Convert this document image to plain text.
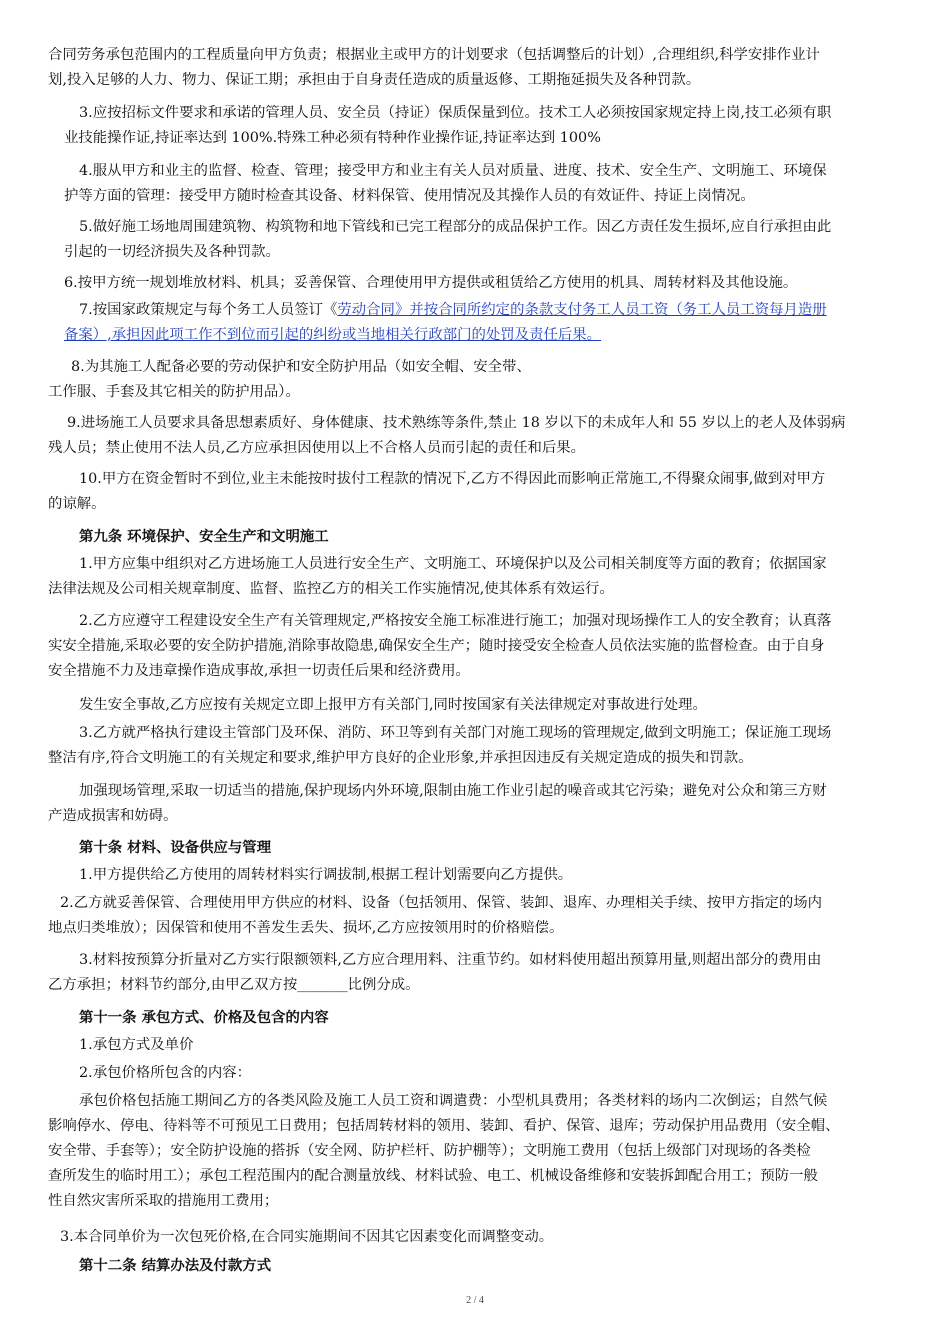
合同劳务承包范围内的工程质量向甲方负责；根据业主或甲方的计划要求（包括调整后的计划）,合理组织,科学安排作业计
划,投入足够的人力、物力、保证工期；承担由于自身责任造成的质量返修、工期拖延损失及各种罚款。

3.应按招标文件要求和承诺的管理人员、安全员（持证）保质保量到位。技术工人必须按国家规定持上岗,技工必须有职
业技能操作证,持证率达到 100%.特殊工种必须有特种作业操作证,持证率达到 100%

4.服从甲方和业主的监督、检查、管理；接受甲方和业主有关人员对质量、进度、技术、安全生产、文明施工、环境保
护等方面的管理：接受甲方随时检查其设备、材料保管、使用情况及其操作人员的有效证件、持证上岗情况。

5.做好施工场地周围建筑物、构筑物和地下管线和已完工程部分的成品保护工作。因乙方责任发生损坏,应自行承担由此
引起的一切经济损失及各种罚款。

6.按甲方统一规划堆放材料、机具；妥善保管、合理使用甲方提供或租赁给乙方使用的机具、周转材料及其他设施。

7.按国家政策规定与每个务工人员签订《劳动合同》并按合同所约定的条款支付务工人员工资（务工人员工资每月造册
备案）,承担因此项工作不到位而引起的纠纷或当地相关行政部门的处罚及责任后果。

8.为其施工人配备必要的劳动保护和安全防护用品（如安全帽、安全带、
工作服、手套及其它相关的防护用品）。

9.进场施工人员要求具备思想素质好、身体健康、技术熟练等条件,禁止 18 岁以下的未成年人和 55 岁以上的老人及体弱病
残人员；禁止使用不法人员,乙方应承担因使用以上不合格人员而引起的责任和后果。

10.甲方在资金暂时不到位,业主未能按时拔付工程款的情况下,乙方不得因此而影响正常施工,不得聚众闹事,做到对甲方
的谅解。

第九条 环境保护、安全生产和文明施工

1.甲方应集中组织对乙方进场施工人员进行安全生产、文明施工、环境保护以及公司相关制度等方面的教育；依据国家
法律法规及公司相关规章制度、监督、监控乙方的相关工作实施情况,使其体系有效运行。

2.乙方应遵守工程建设安全生产有关管理规定,严格按安全施工标准进行施工；加强对现场操作工人的安全教育；认真落
实安全措施,采取必要的安全防护措施,消除事故隐患,确保安全生产；随时接受安全检查人员依法实施的监督检查。由于自身
安全措施不力及违章操作造成事故,承担一切责任后果和经济费用。

发生安全事故,乙方应按有关规定立即上报甲方有关部门,同时按国家有关法律规定对事故进行处理。

3.乙方就严格执行建设主管部门及环保、消防、环卫等到有关部门对施工现场的管理规定,做到文明施工；保证施工现场
整洁有序,符合文明施工的有关规定和要求,维护甲方良好的企业形象,并承担因违反有关规定造成的损失和罚款。

加强现场管理,采取一切适当的措施,保护现场内外环境,限制由施工作业引起的噪音或其它污染；避免对公众和第三方财
产造成损害和妨碍。

第十条 材料、设备供应与管理

1.甲方提供给乙方使用的周转材料实行调拔制,根据工程计划需要向乙方提供。

2.乙方就妥善保管、合理使用甲方供应的材料、设备（包括领用、保管、装卸、退库、办理相关手续、按甲方指定的场内
地点归类堆放）；因保管和使用不善发生丢失、损坏,乙方应按领用时的价格赔偿。

3.材料按预算分折量对乙方实行限额领料,乙方应合理用料、注重节约。如材料使用超出预算用量,则超出部分的费用由
乙方承担；材料节约部分,由甲乙双方按_______比例分成。

第十一条 承包方式、价格及包含的内容

1.承包方式及单价

2.承包价格所包含的内容：

承包价格包括施工期间乙方的各类风险及施工人员工资和调遣费：小型机具费用；各类材料的场内二次倒运；自然气候
影响停水、停电、待料等不可预见工日费用；包括周转材料的领用、装卸、看护、保管、退库；劳动保护用品费用（安全帽、
安全带、手套等）；安全防护设施的搭拆（安全网、防护栏杆、防护棚等）；文明施工费用（包括上级部门对现场的各类检
查所发生的临时用工）；承包工程范围内的配合测量放线、材料试验、电工、机械设备维修和安装拆卸配合用工；预防一般
性自然灾害所采取的措施用工费用；

3.本合同单价为一次包死价格,在合同实施期间不因其它因素变化而调整变动。

第十二条 结算办法及付款方式

2 / 4
